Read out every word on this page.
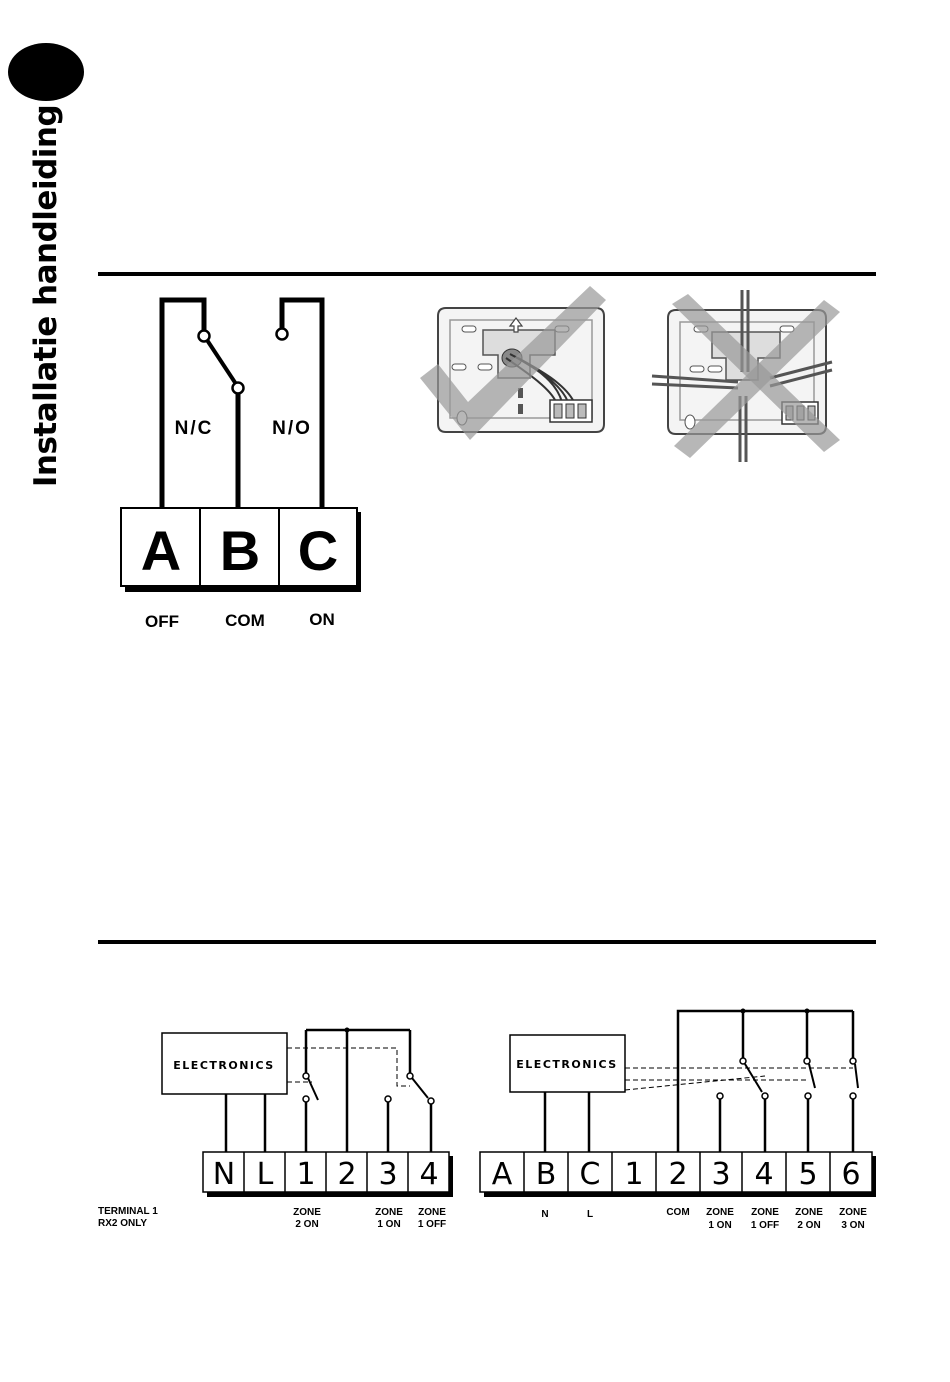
Installatie handleiding	N/C	N/O
A B C
OFF	COM	ON
ELECTRONICS
N L 1 2 3 4
TERMINAL 1
RX2 ONLY
ZONE
2 ON
ZONE
1 ON
ZONE
1 OFF
ELECTRONICS
A B C 1 2 3 4 5 6
N	L	COM ZONE
1 ON
ZONE
1 OFF
ZONE
2 ON
ZONE
3 ON
